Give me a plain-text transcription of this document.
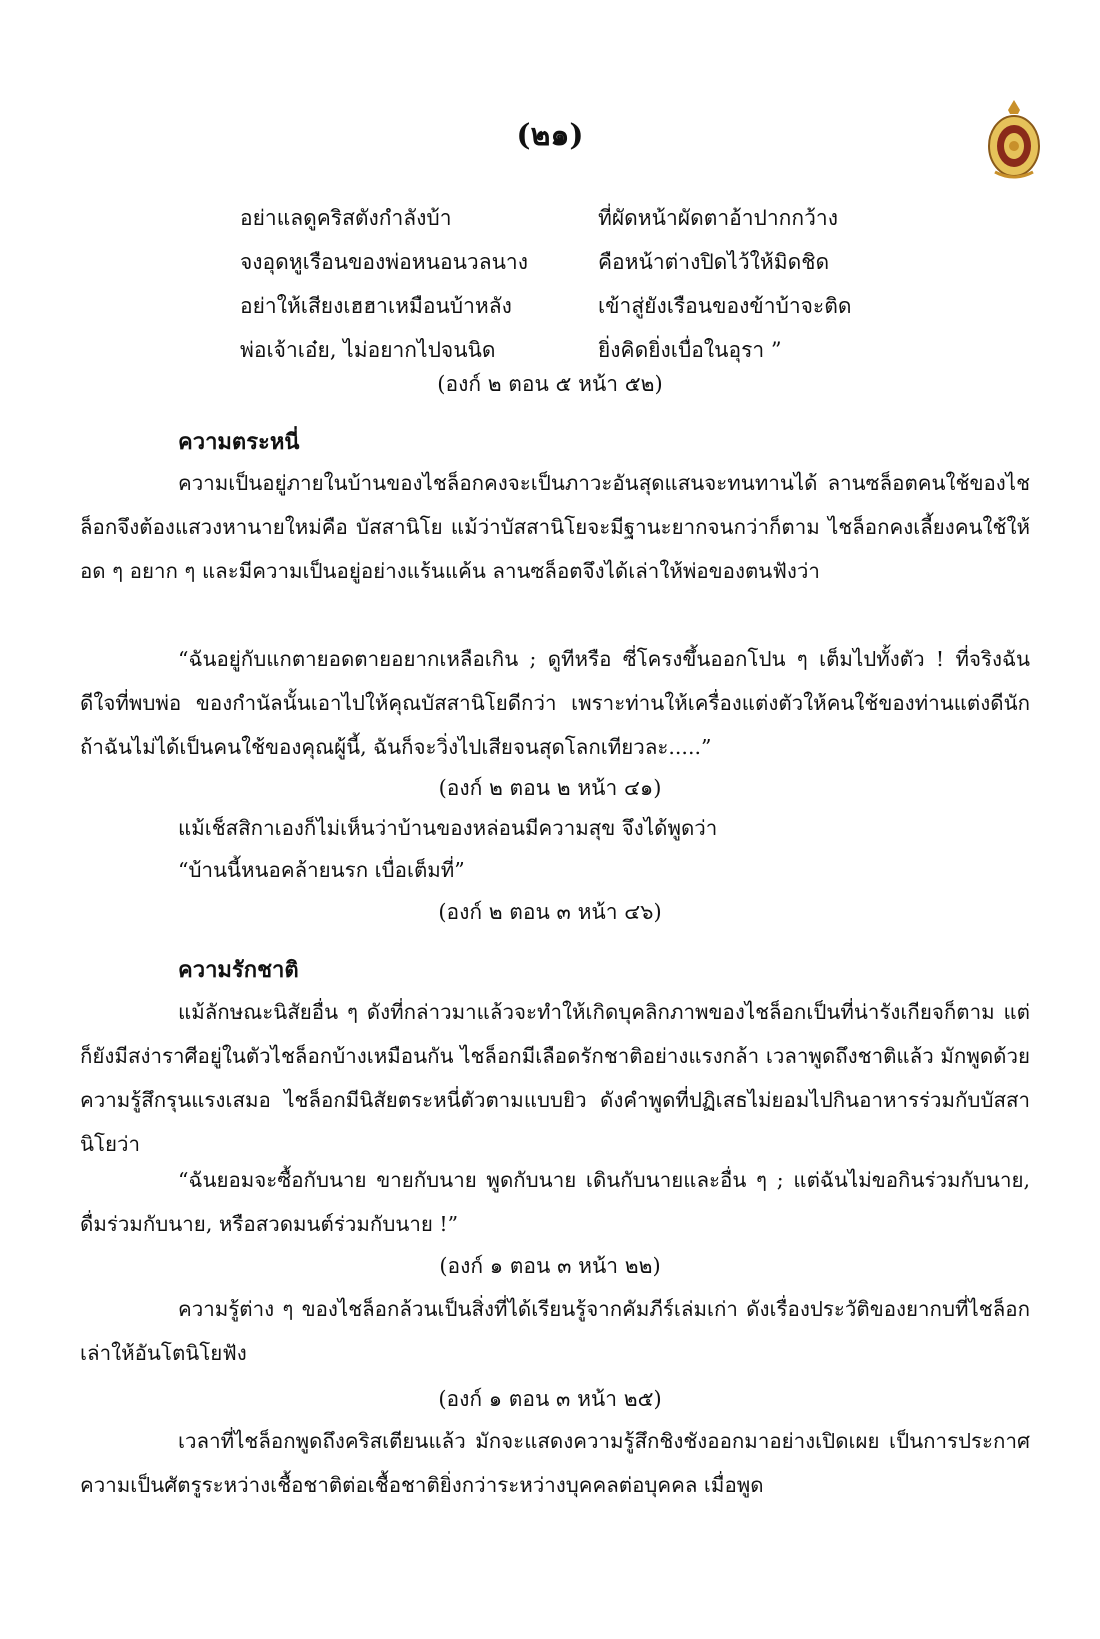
(๒๑)
อย่าแลดูคริสตังกำลังบ้า	ที่ผัดหน้าผัดตาอ้าปากกว้าง
จงอุดหูเรือนของพ่อหนอนวลนาง	คือหน้าต่างปิดไว้ให้มิดชิด
อย่าให้เสียงเฮฮาเหมือนบ้าหลัง	เข้าสู่ยังเรือนของข้าบ้าจะติด
พ่อเจ้าเอ๋ย, ไม่อยากไปจนนิด	ยิ่งคิดยิ่งเบื่อในอุรา ”
(องก์ ๒ ตอน ๕ หน้า ๕๒)
ความตระหนี่
ความเป็นอยู่ภายในบ้านของไชล็อกคงจะเป็นภาวะอันสุดแสนจะทนทานได้ ลานซล็อตคนใช้ของไชล็อกจึงต้องแสวงหานายใหม่คือ บัสสานิโย แม้ว่าบัสสานิโยจะมีฐานะยากจนกว่าก็ตาม ไชล็อกคงเลี้ยงคนใช้ให้อด ๆ อยาก ๆ และมีความเป็นอยู่อย่างแร้นแค้น ลานซล็อตจึงได้เล่าให้พ่อของตนฟังว่า
“ฉันอยู่กับแกตายอดตายอยากเหลือเกิน ; ดูทีหรือ ซี่โครงขึ้นออกโปน ๆ เต็มไปทั้งตัว ! ที่จริงฉันดีใจที่พบพ่อ ของกำนัลนั้นเอาไปให้คุณบัสสานิโยดีกว่า เพราะท่านให้เครื่องแต่งตัวให้คนใช้ของท่านแต่งดีนัก ถ้าฉันไม่ได้เป็นคนใช้ของคุณผู้นี้, ฉันก็จะวิ่งไปเสียจนสุดโลกเทียวละ.....”
(องก์ ๒ ตอน ๒ หน้า ๔๑)
แม้เช็สสิกาเองก็ไม่เห็นว่าบ้านของหล่อนมีความสุข จึงได้พูดว่า
“บ้านนี้หนอคล้ายนรก เบื่อเต็มที่”
(องก์ ๒ ตอน ๓ หน้า ๔๖)
ความรักชาติ
แม้ลักษณะนิสัยอื่น ๆ ดังที่กล่าวมาแล้วจะทำให้เกิดบุคลิกภาพของไชล็อกเป็นที่น่ารังเกียจก็ตาม แต่ก็ยังมีสง่าราศีอยู่ในตัวไชล็อกบ้างเหมือนกัน ไชล็อกมีเลือดรักชาติอย่างแรงกล้า เวลาพูดถึงชาติแล้ว มักพูดด้วยความรู้สึกรุนแรงเสมอ ไชล็อกมีนิสัยตระหนี่ตัวตามแบบยิว ดังคำพูดที่ปฏิเสธไม่ยอมไปกินอาหารร่วมกับบัสสานิโยว่า
“ฉันยอมจะซื้อกับนาย ขายกับนาย พูดกับนาย เดินกับนายและอื่น ๆ ; แต่ฉันไม่ขอกินร่วมกับนาย, ดื่มร่วมกับนาย, หรือสวดมนต์ร่วมกับนาย !”
(องก์ ๑ ตอน ๓ หน้า ๒๒)
ความรู้ต่าง ๆ ของไชล็อกล้วนเป็นสิ่งที่ได้เรียนรู้จากคัมภีร์เล่มเก่า ดังเรื่องประวัติของยากบที่ไชล็อกเล่าให้อันโตนิโยฟัง
(องก์ ๑ ตอน ๓ หน้า ๒๕)
เวลาที่ไชล็อกพูดถึงคริสเตียนแล้ว มักจะแสดงความรู้สึกชิงชังออกมาอย่างเปิดเผย เป็นการประกาศความเป็นศัตรูระหว่างเชื้อชาติต่อเชื้อชาติยิ่งกว่าระหว่างบุคคลต่อบุคคล เมื่อพูด
